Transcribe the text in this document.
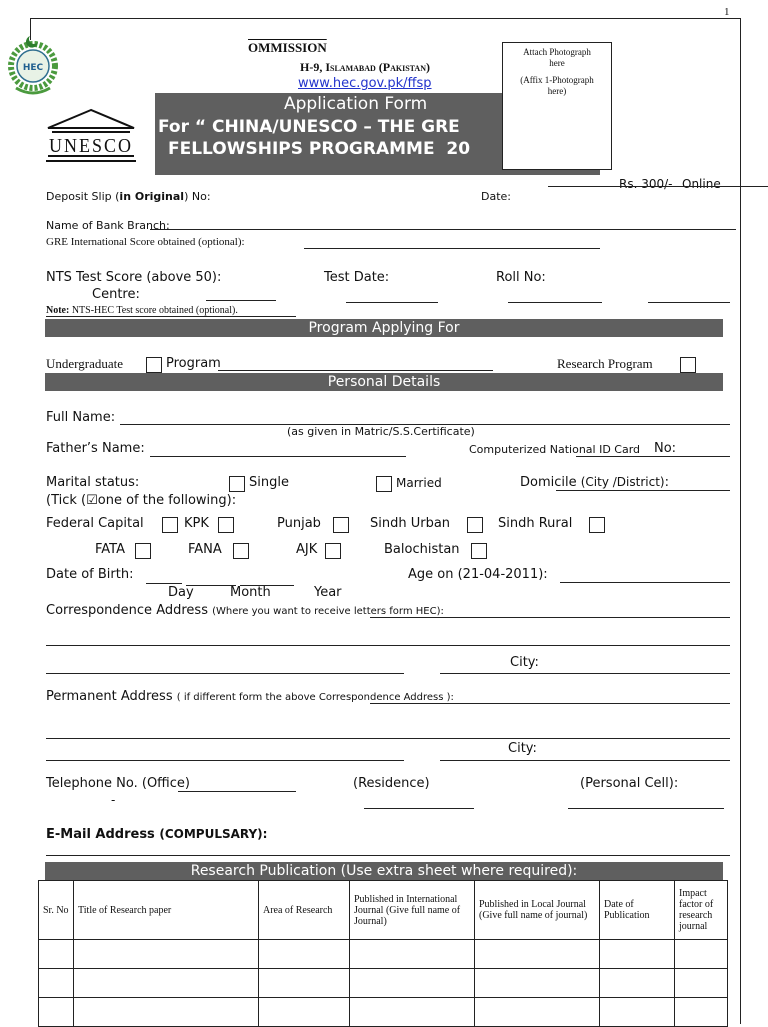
1
HEC
OMMISSION
H-9, Islamabad (Pakistan)
www.hec.gov.pk/ffsp
Application Form
For “ CHINA/UNESCO – THE GRE
FELLOWSHIPS PROGRAMME  20
UNESCO
Attach Photograph here
(Affix 1-Photograph here)
Rs. 300/- Online
Deposit Slip (in Original) No:	Date:
Name of Bank Branch:
GRE International Score obtained (optional):
NTS Test Score (above 50):	Test Date:	Roll No:
Centre:
Note: NTS-HEC Test score obtained (optional).
Program Applying For
Undergraduate	Program	Research Program
Personal Details
Full Name:
(as given in Matric/S.S.Certificate)
Father’s Name:	Computerized National ID Card No:
Marital status:	Single	Married	Domicile (City /District):
(Tick (☑one of the following):
Federal Capital	KPK	Punjab	Sindh Urban	Sindh Rural
FATA	FANA	AJK	Balochistan
Date of Birth:
Day	Month	Year
Age on (21-04-2011):
Correspondence Address (Where you want to receive letters form HEC):
City:
Permanent Address ( if different form the above Correspondence Address ):
City:
Telephone No. (Office)	(Residence)	(Personal Cell):
-
E-Mail Address (COMPULSARY):
Research Publication (Use extra sheet where required):
Sr. No	Title of Research paper	Area of Research	Published in International Journal (Give full name of Journal)	Published in Local Journal (Give full name of journal)	Date of Publication	Impact factor of research journal
